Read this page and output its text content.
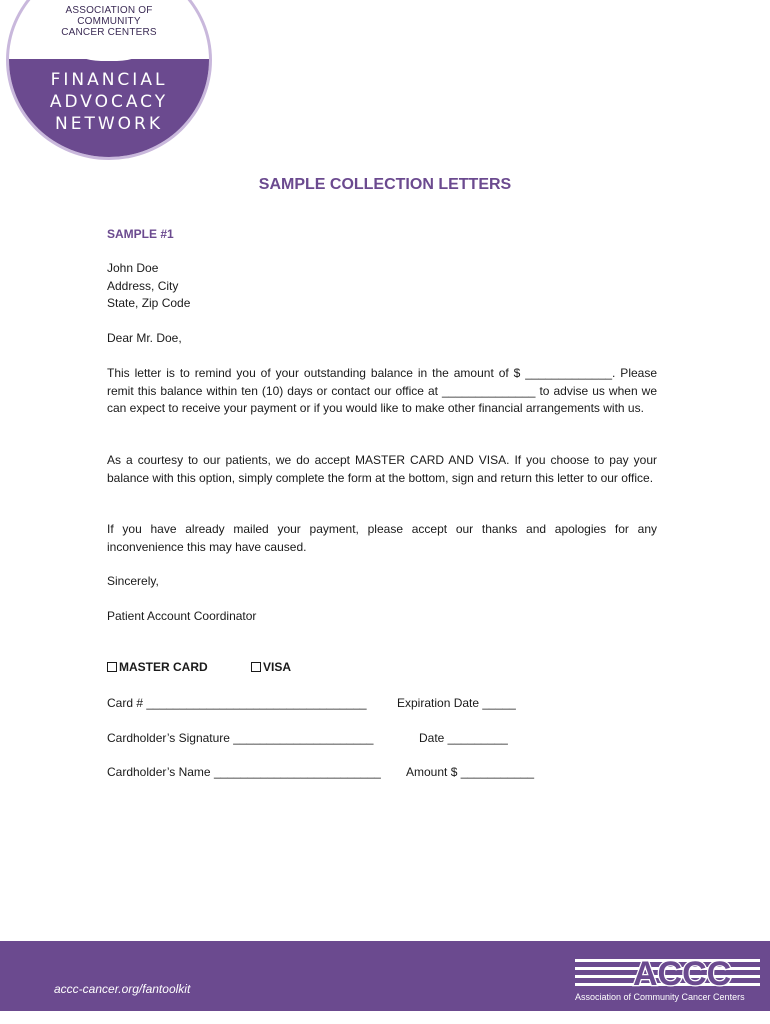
ASSOCIATION OF
COMMUNITY
CANCER CENTERS
FINANCIAL
ADVOCACY
NETWORK
SAMPLE COLLECTION LETTERS
SAMPLE #1
John Doe
Address, City
State, Zip Code
Dear Mr. Doe,
This letter is to remind you of your outstanding balance in the amount of $ _____________. Please remit this balance within ten (10) days or contact our office at ______________ to advise us when we can expect to receive your payment or if you would like to make other financial arrangements with us.
As a courtesy to our patients, we do accept MASTER CARD AND VISA. If you choose to pay your balance with this option, simply complete the form at the bottom, sign and return this letter to our office.
If you have already mailed your payment, please accept our thanks and apologies for any inconvenience this may have caused.
Sincerely,
Patient Account Coordinator
MASTER CARD	VISA
Card # _________________________________	Expiration Date _____
Cardholder’s Signature _____________________	Date _________
Cardholder’s Name _________________________ Amount $ ___________
accc-cancer.org/fantoolkit	ACCC
Association of Community Cancer Centers
